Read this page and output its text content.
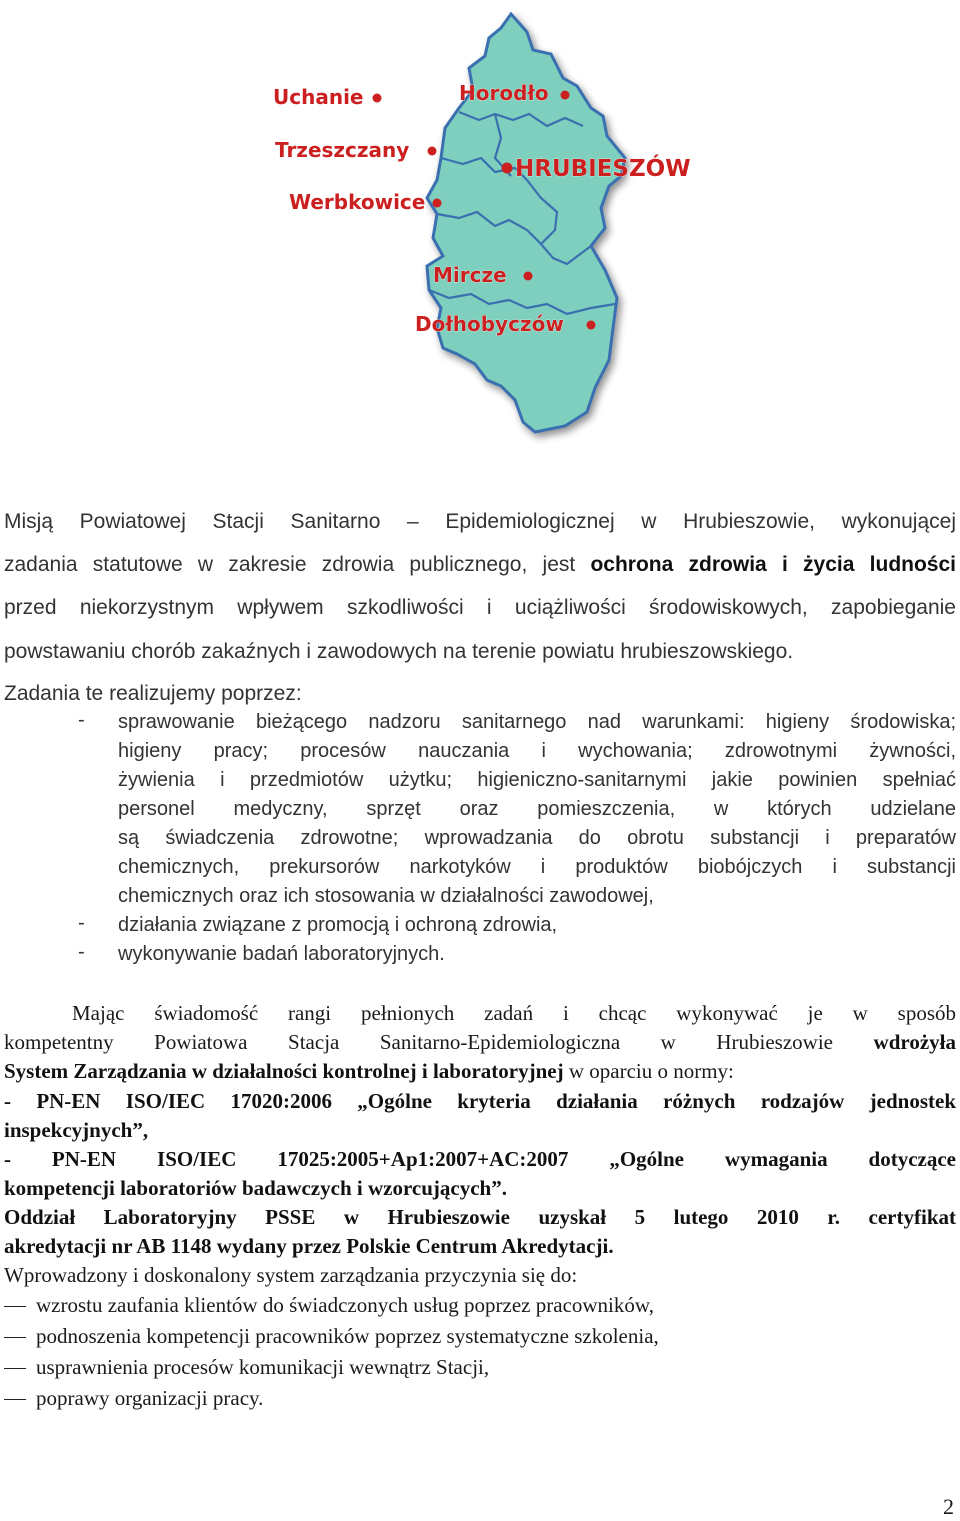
Uchanie	Horodło
Trzeszczany
HRUBIESZÓW
Werbkowice
Mircze
Dołhobyczów
Misją Powiatowej Stacji Sanitarno – Epidemiologicznej w Hrubieszowie, wykonującej
zadania statutowe w zakresie zdrowia publicznego, jest ochrona zdrowia i życia ludności
przed niekorzystnym wpływem szkodliwości i uciążliwości środowiskowych, zapobieganie
powstawaniu chorób zakaźnych i zawodowych na terenie powiatu hrubieszowskiego.
Zadania te realizujemy poprzez:
- sprawowanie bieżącego nadzoru sanitarnego nad warunkami: higieny środowiska;
higieny pracy; procesów nauczania i wychowania; zdrowotnymi żywności,
żywienia i przedmiotów użytku; higieniczno-sanitarnymi jakie powinien spełniać
personel medyczny, sprzęt oraz pomieszczenia, w których udzielane
są świadczenia zdrowotne; wprowadzania do obrotu substancji i preparatów
chemicznych, prekursorów narkotyków i produktów biobójczych i substancji
chemicznych oraz ich stosowania w działalności zawodowej,
- działania związane z promocją i ochroną zdrowia,
- wykonywanie badań laboratoryjnych.
Mając świadomość rangi pełnionych zadań i chcąc wykonywać je w sposób
kompetentny Powiatowa Stacja Sanitarno-Epidemiologiczna w Hrubieszowie wdrożyła
System Zarządzania w działalności kontrolnej i laboratoryjnej w oparciu o normy:
- PN-EN ISO/IEC 17020:2006 „Ogólne kryteria działania różnych rodzajów jednostek
inspekcyjnych”,
- PN-EN ISO/IEC 17025:2005+Ap1:2007+AC:2007 „Ogólne wymagania dotyczące
kompetencji laboratoriów badawczych i wzorcujących”.
Oddział Laboratoryjny PSSE w Hrubieszowie uzyskał 5 lutego 2010 r. certyfikat
akredytacji nr AB 1148 wydany przez Polskie Centrum Akredytacji.
Wprowadzony i doskonalony system zarządzania przyczynia się do:
wzrostu zaufania klientów do świadczonych usług poprzez pracowników,
podnoszenia kompetencji pracowników poprzez systematyczne szkolenia,
usprawnienia procesów komunikacji wewnątrz Stacji,
poprawy organizacji pracy.
2
